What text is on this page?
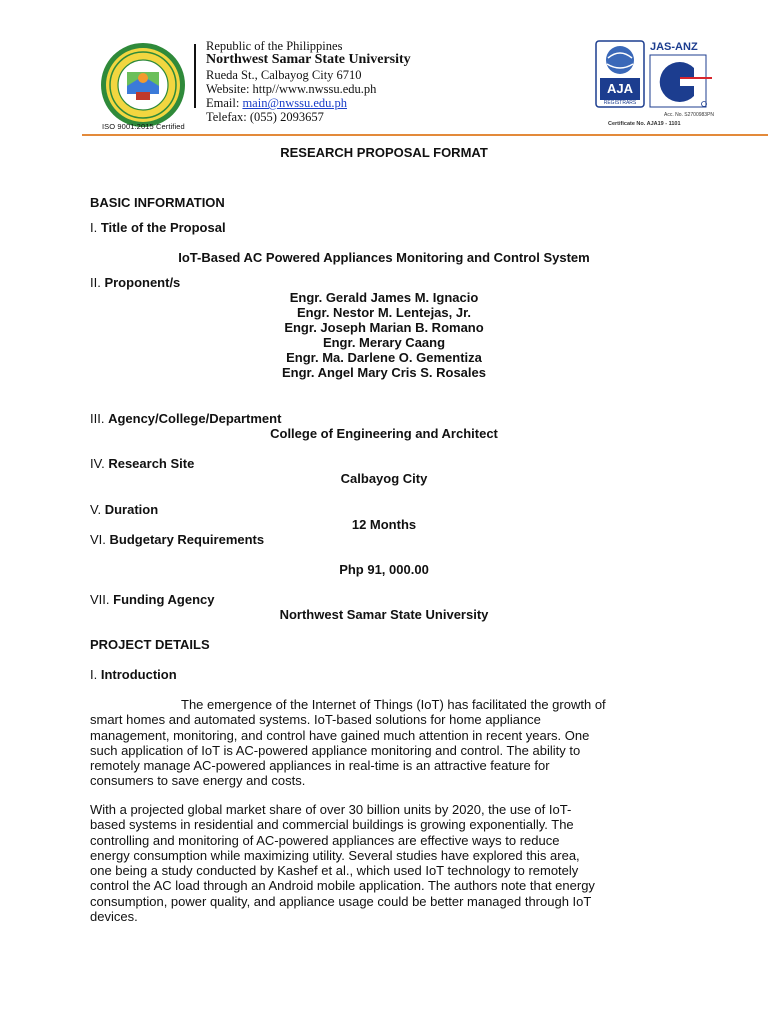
ISO 9001:2015 Certified
Republic of the Philippines
Northwest Samar State University
Rueda St., Calbayog City 6710
Website: http//www.nwssu.edu.ph
Email: main@nwssu.edu.ph
Telefax: (055) 2093657
AJA
REGISTRARS
JAS-ANZ
Acc. No. S2700983PN
Certificate No. AJA19 - 1101
RESEARCH PROPOSAL FORMAT
BASIC INFORMATION
I. Title of the Proposal
IoT-Based AC Powered Appliances Monitoring and Control System
II. Proponent/s
Engr. Gerald James M. Ignacio
Engr. Nestor M. Lentejas, Jr.
Engr. Joseph Marian B. Romano
Engr. Merary Caang
Engr. Ma. Darlene O. Gementiza
Engr. Angel Mary Cris S. Rosales
III. Agency/College/Department
College of Engineering and Architect
IV. Research Site
Calbayog City
V. Duration
12 Months
VI. Budgetary Requirements
Php 91, 000.00
VII. Funding Agency
Northwest Samar State University
PROJECT DETAILS
I. Introduction
The emergence of the Internet of Things (IoT) has facilitated the growth of
smart homes and automated systems. IoT-based solutions for home appliance
management, monitoring, and control have gained much attention in recent years. One
such application of IoT is AC-powered appliance monitoring and control. The ability to
remotely manage AC-powered appliances in real-time is an attractive feature for
consumers to save energy and costs.
With a projected global market share of over 30 billion units by 2020, the use of IoT-
based systems in residential and commercial buildings is growing exponentially. The
controlling and monitoring of AC-powered appliances are effective ways to reduce
energy consumption while maximizing utility. Several studies have explored this area,
one being a study conducted by Kashef et al., which used IoT technology to remotely
control the AC load through an Android mobile application. The authors note that energy
consumption, power quality, and appliance usage could be better managed through IoT
devices.
